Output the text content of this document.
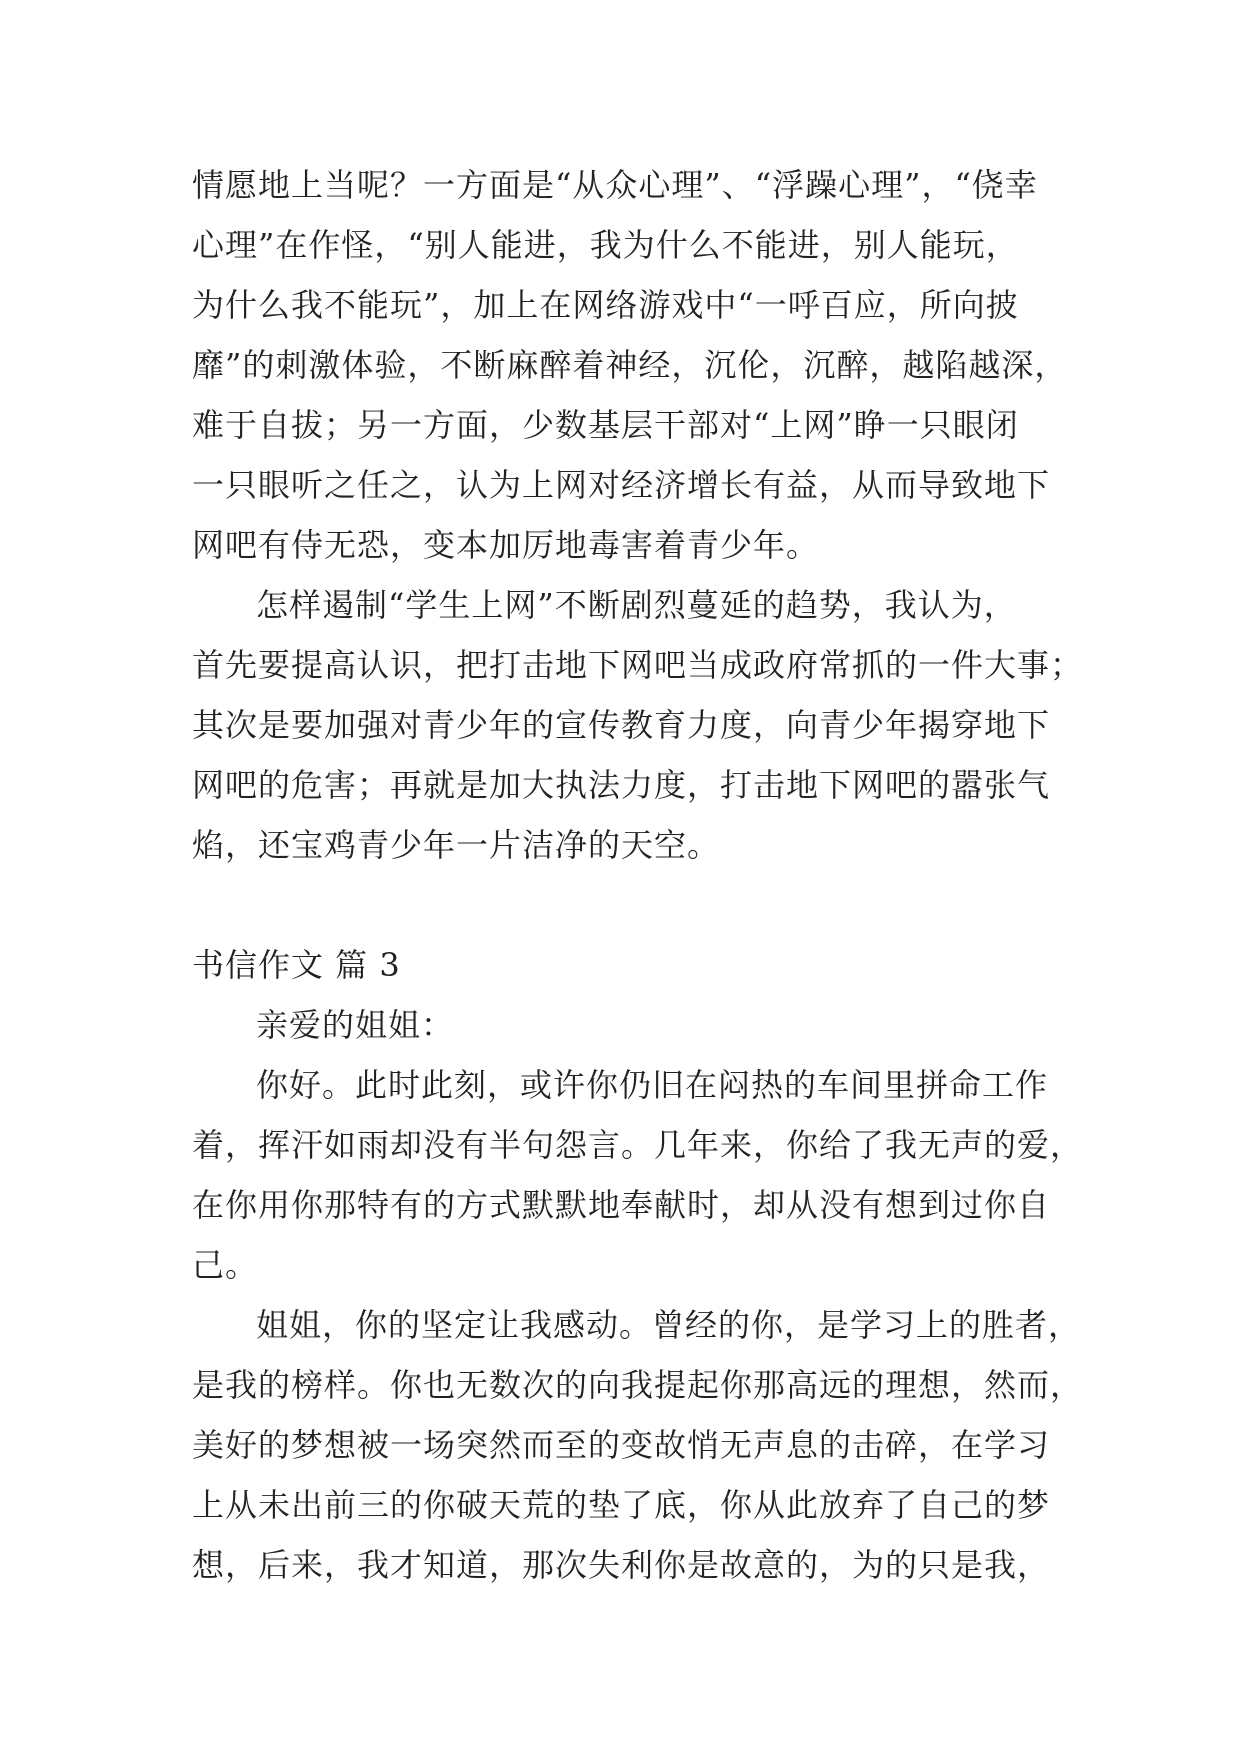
情愿地上当呢？一方面是“从众心理”、“浮躁心理”，“侥幸
心理”在作怪，“别人能进，我为什么不能进，别人能玩，
为什么我不能玩”，加上在网络游戏中“一呼百应，所向披
靡”的刺激体验，不断麻醉着神经，沉伦，沉醉，越陷越深，
难于自拔；另一方面，少数基层干部对“上网”睁一只眼闭
一只眼听之任之，认为上网对经济增长有益，从而导致地下
网吧有侍无恐，变本加厉地毒害着青少年。
怎样遏制“学生上网”不断剧烈蔓延的趋势，我认为，
首先要提高认识，把打击地下网吧当成政府常抓的一件大事；
其次是要加强对青少年的宣传教育力度，向青少年揭穿地下
网吧的危害；再就是加大执法力度，打击地下网吧的嚣张气
焰，还宝鸡青少年一片洁净的天空。
书信作文 篇 3
亲爱的姐姐：
你好。此时此刻，或许你仍旧在闷热的车间里拼命工作
着，挥汗如雨却没有半句怨言。几年来，你给了我无声的爱，
在你用你那特有的方式默默地奉献时，却从没有想到过你自
己。
姐姐，你的坚定让我感动。曾经的你，是学习上的胜者，
是我的榜样。你也无数次的向我提起你那高远的理想，然而，
美好的梦想被一场突然而至的变故悄无声息的击碎，在学习
上从未出前三的你破天荒的垫了底，你从此放弃了自己的梦
想，后来，我才知道，那次失利你是故意的，为的只是我，
